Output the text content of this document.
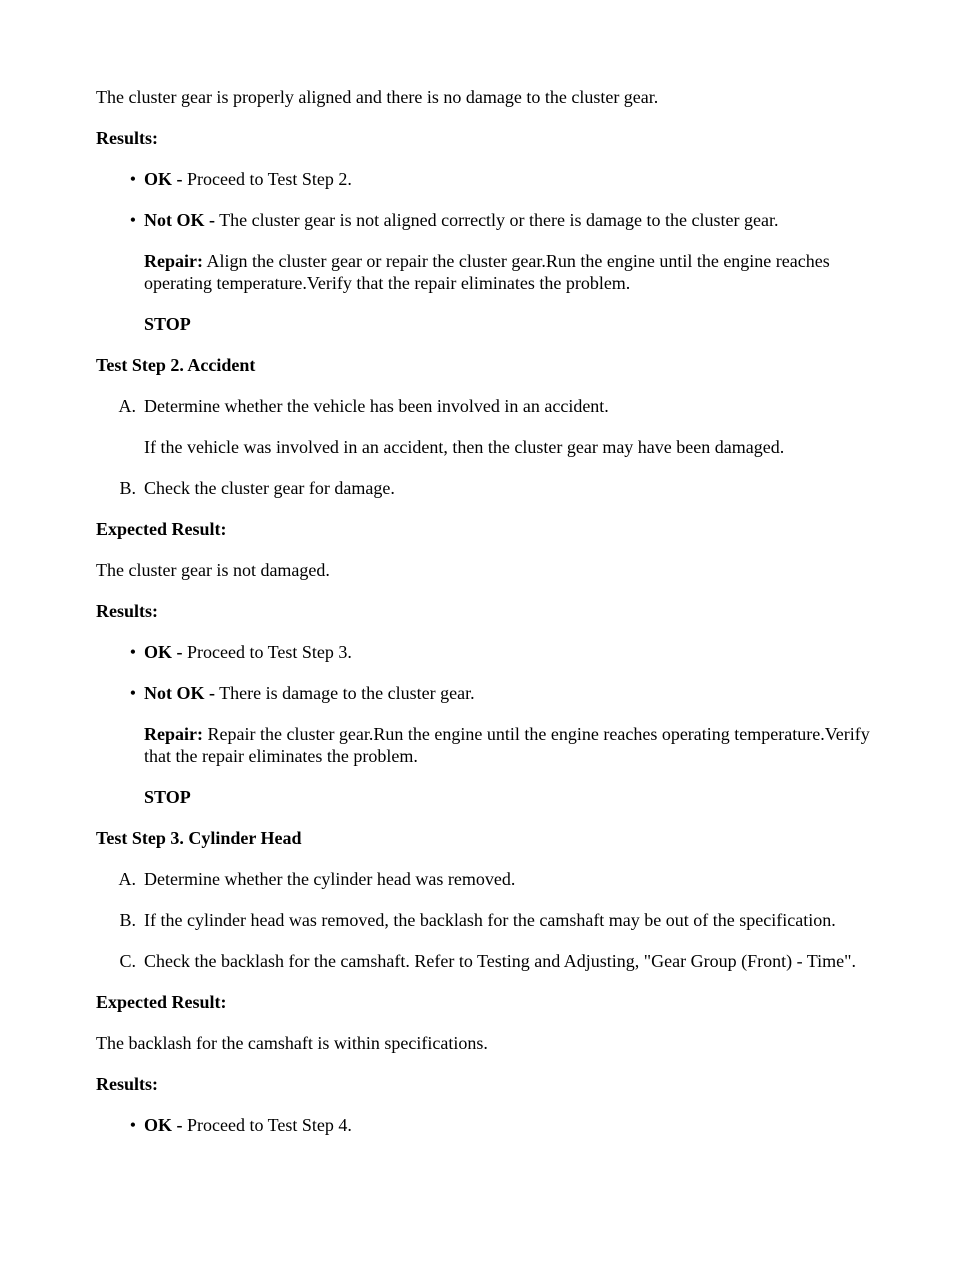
The cluster gear is properly aligned and there is no damage to the cluster gear.

Results:

• OK - Proceed to Test Step 2.
• Not OK - The cluster gear is not aligned correctly or there is damage to the cluster gear.
Repair: Align the cluster gear or repair the cluster gear.Run the engine until the engine reaches operating temperature.Verify that the repair eliminates the problem.
STOP

Test Step 2. Accident

A. Determine whether the vehicle has been involved in an accident.
If the vehicle was involved in an accident, then the cluster gear may have been damaged.
B. Check the cluster gear for damage.

Expected Result:

The cluster gear is not damaged.

Results:

• OK - Proceed to Test Step 3.
• Not OK - There is damage to the cluster gear.
Repair: Repair the cluster gear.Run the engine until the engine reaches operating temperature.Verify that the repair eliminates the problem.
STOP

Test Step 3. Cylinder Head

A. Determine whether the cylinder head was removed.
B. If the cylinder head was removed, the backlash for the camshaft may be out of the specification.
C. Check the backlash for the camshaft. Refer to Testing and Adjusting, "Gear Group (Front) - Time".

Expected Result:

The backlash for the camshaft is within specifications.

Results:

• OK - Proceed to Test Step 4.
